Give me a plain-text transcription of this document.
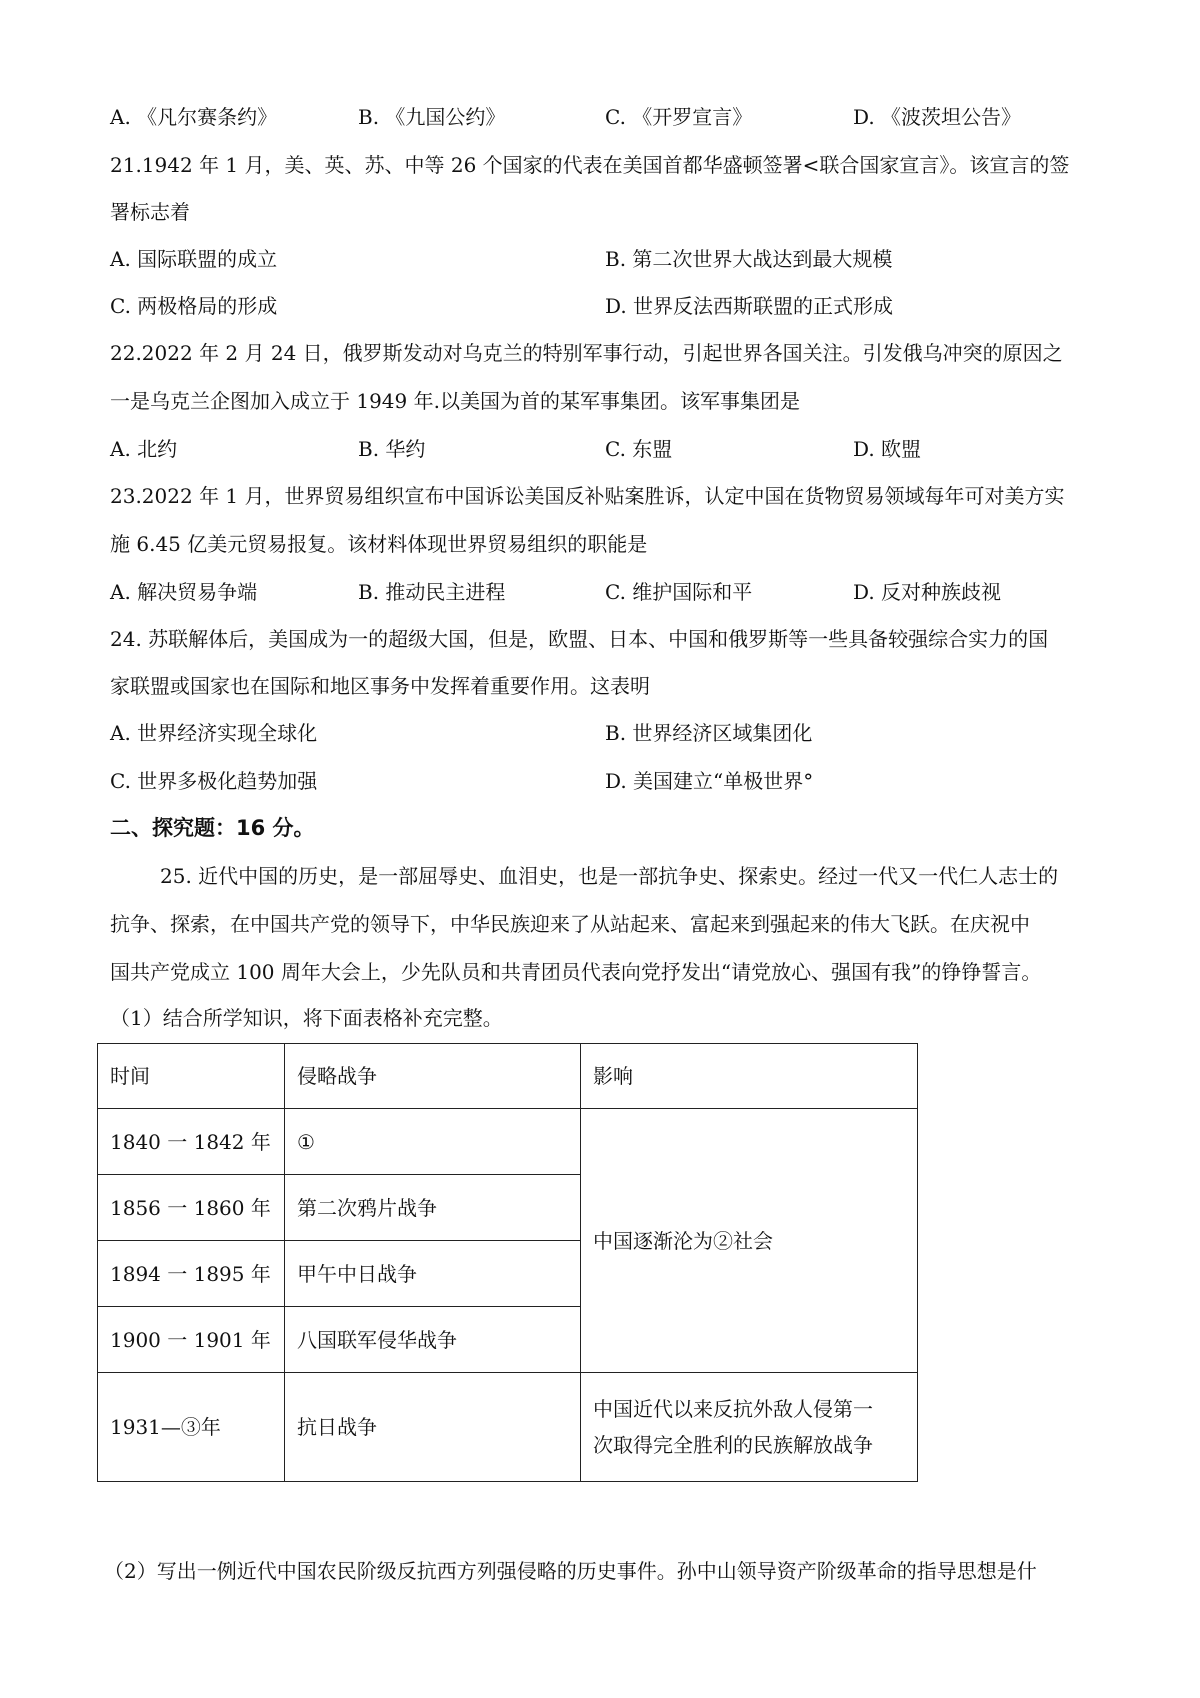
A. 《凡尔赛条约》	B. 《九国公约》	C. 《开罗宣言》	D. 《波茨坦公告》
21.1942 年 1 月，美、英、苏、中等 26 个国家的代表在美国首都华盛顿签署<联合国家宣言》。该宣言的签
署标志着
A. 国际联盟的成立	B. 第二次世界大战达到最大规模
C. 两极格局的形成	D. 世界反法西斯联盟的正式形成
22.2022 年 2 月 24 日，俄罗斯发动对乌克兰的特别军事行动，引起世界各国关注。引发俄乌冲突的原因之
一是乌克兰企图加入成立于 1949 年.以美国为首的某军事集团。该军事集团是
A. 北约	B. 华约	C. 东盟	D. 欧盟
23.2022 年 1 月，世界贸易组织宣布中国诉讼美国反补贴案胜诉，认定中国在货物贸易领域每年可对美方实
施 6.45 亿美元贸易报复。该材料体现世界贸易组织的职能是
A. 解决贸易争端	B. 推动民主进程	C. 维护国际和平	D. 反对种族歧视
24. 苏联解体后，美国成为一的超级大国，但是，欧盟、日本、中国和俄罗斯等一些具备较强综合实力的国
家联盟或国家也在国际和地区事务中发挥着重要作用。这表明
A. 世界经济实现全球化	B. 世界经济区域集团化
C. 世界多极化趋势加强	D. 美国建立“单极世界°
二、探究题：16 分。
25. 近代中国的历史，是一部屈辱史、血泪史，也是一部抗争史、探索史。经过一代又一代仁人志士的
抗争、探索，在中国共产党的领导下，中华民族迎来了从站起来、富起来到强起来的伟大飞跃。在庆祝中
国共产党成立 100 周年大会上，少先队员和共青团员代表向党抒发出“请党放心、强国有我”的铮铮誓言。
（1）结合所学知识，将下面表格补充完整。
时间	侵略战争	影响
1840 一 1842 年	①	中国逐渐沦为②社会
1856 一 1860 年	第二次鸦片战争	
1894 一 1895 年	甲午中日战争	
1900 一 1901 年	八国联军侵华战争	
1931—③年	抗日战争	中国近代以来反抗外敌人侵第一
次取得完全胜利的民族解放战争
（2）写出一例近代中国农民阶级反抗西方列强侵略的历史事件。孙中山领导资产阶级革命的指导思想是什
